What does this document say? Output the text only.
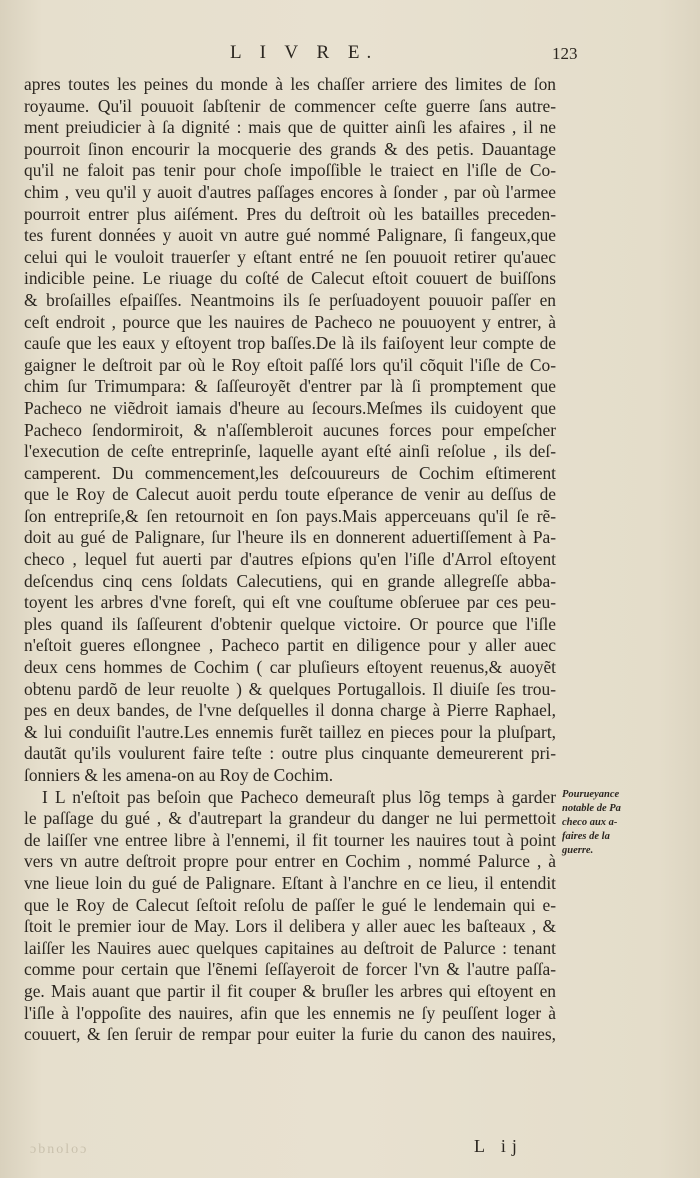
L I V R E.	123
apres toutes les peines du monde à les chaſſer arriere des limites de ſon
royaume. Qu'il pouuoit ſabſtenir de commencer ceſte guerre ſans autre-
ment preiudicier à ſa dignité : mais que de quitter ainſi les afaires , il ne
pourroit ſinon encourir la mocquerie des grands & des petis. Dauantage
qu'il ne faloit pas tenir pour choſe impoſſible le traiect en l'iſle de Co-
chim , veu qu'il y auoit d'autres paſſages encores à ſonder , par où l'armee
pourroit entrer plus aiſément. Pres du deſtroit où les batailles preceden-
tes furent données y auoit vn autre gué nommé Palignare, ſi fangeux,que
celui qui le vouloit trauerſer y eſtant entré ne ſen pouuoit retirer qu'auec
indicible peine. Le riuage du coſté de Calecut eſtoit couuert de buiſſons
& broſailles eſpaiſſes. Neantmoins ils ſe perſuadoyent pouuoir paſſer en
ceſt endroit , pource que les nauires de Pacheco ne pouuoyent y entrer, à
cauſe que les eaux y eſtoyent trop baſſes.De là ils faiſoyent leur compte de
gaigner le deſtroit par où le Roy eſtoit paſſé lors qu'il cõquit l'iſle de Co-
chim ſur Trimumpara: & ſaſſeuroyẽt d'entrer par là ſi promptement que
Pacheco ne viẽdroit iamais d'heure au ſecours.Meſmes ils cuidoyent que
Pacheco ſendormiroit, & n'aſſembleroit aucunes forces pour empeſcher
l'execution de ceſte entreprinſe, laquelle ayant eſté ainſi reſolue , ils deſ-
camperent. Du commencement,les deſcouureurs de Cochim eſtimerent
que le Roy de Calecut auoit perdu toute eſperance de venir au deſſus de
ſon entrepriſe,& ſen retournoit en ſon pays.Mais apperceuans qu'il ſe rẽ-
doit au gué de Palignare, ſur l'heure ils en donnerent aduertiſſement à Pa-
checo , lequel fut auerti par d'autres eſpions qu'en l'iſle d'Arrol eſtoyent
deſcendus cinq cens ſoldats Calecutiens, qui en grande allegreſſe abba-
toyent les arbres d'vne foreſt, qui eſt vne couſtume obſeruee par ces peu-
ples quand ils ſaſſeurent d'obtenir quelque victoire. Or pource que l'iſle
n'eſtoit gueres eſlongnee , Pacheco partit en diligence pour y aller auec
deux cens hommes de Cochim ( car pluſieurs eſtoyent reuenus,& auoyẽt
obtenu pardõ de leur reuolte ) & quelques Portugallois. Il diuiſe ſes trou-
pes en deux bandes, de l'vne deſquelles il donna charge à Pierre Raphael,
& lui conduiſit l'autre.Les ennemis furẽt taillez en pieces pour la pluſpart,
dautãt qu'ils voulurent faire teſte : outre plus cinquante demeurerent pri-
ſonniers & les amena-on au Roy de Cochim.
I L n'eſtoit pas beſoin que Pacheco demeuraſt plus lõg temps à garder
le paſſage du gué , & d'autrepart la grandeur du danger ne lui permettoit
de laiſſer vne entree libre à l'ennemi, il fit tourner les nauires tout à point
vers vn autre deſtroit propre pour entrer en Cochim , nommé Palurce , à
vne lieue loin du gué de Palignare. Eſtant à l'anchre en ce lieu, il entendit
que le Roy de Calecut ſeſtoit reſolu de paſſer le gué le lendemain qui e-
ſtoit le premier iour de May. Lors il delibera y aller auec les baſteaux , &
laiſſer les Nauires auec quelques capitaines au deſtroit de Palurce : tenant
comme pour certain que l'ẽnemi ſeſſayeroit de forcer l'vn & l'autre paſſa-
ge. Mais auant que partir il fit couper & bruſler les arbres qui eſtoyent en
l'iſle à l'oppoſite des nauires, afin que les ennemis ne ſy peuſſent loger à
couuert, & ſen ſeruir de rempar pour euiter la furie du canon des nauires,
Pourueyance
notable de Pa
checo aux a-
faires de la
guerre.
ɔbnoloɔ	L ij
